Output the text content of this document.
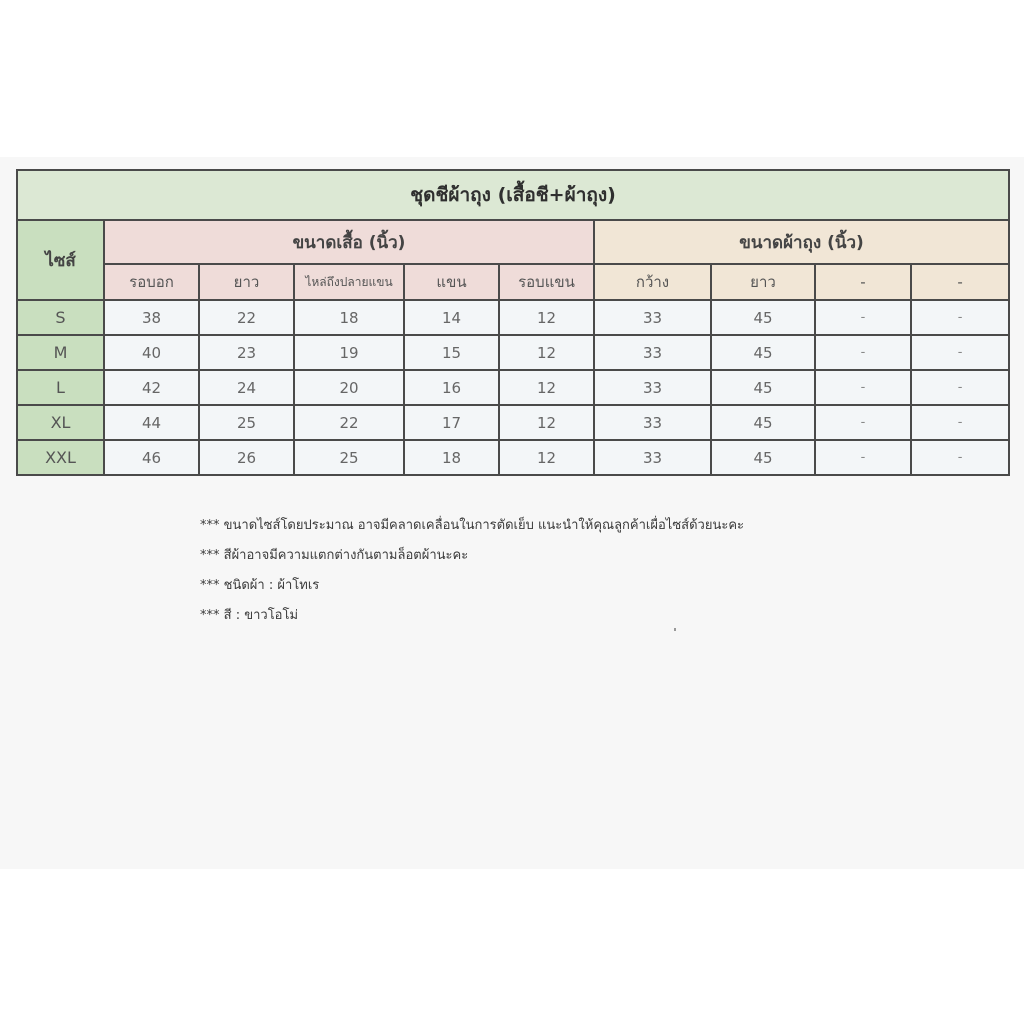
ชุดชีผ้าถุง (เสื้อชี+ผ้าถุง)									
ไซส์	ขนาดเสื้อ (นิ้ว)					ขนาดผ้าถุง (นิ้ว)			
	รอบอก	ยาว	ไหล่ถึงปลายแขน	แขน	รอบแขน	กว้าง	ยาว	-	-
S	38	22	18	14	12	33	45	-	-
M	40	23	19	15	12	33	45	-	-
L	42	24	20	16	12	33	45	-	-
XL	44	25	22	17	12	33	45	-	-
XXL	46	26	25	18	12	33	45	-	-
*** ขนาดไซส์โดยประมาณ อาจมีคลาดเคลื่อนในการตัดเย็บ แนะนำให้คุณลูกค้าเผื่อไซส์ด้วยนะคะ
*** สีผ้าอาจมีความแตกต่างกันตามล็อตผ้านะคะ
*** ชนิดผ้า : ผ้าโทเร
*** สี : ขาวโอโม่
